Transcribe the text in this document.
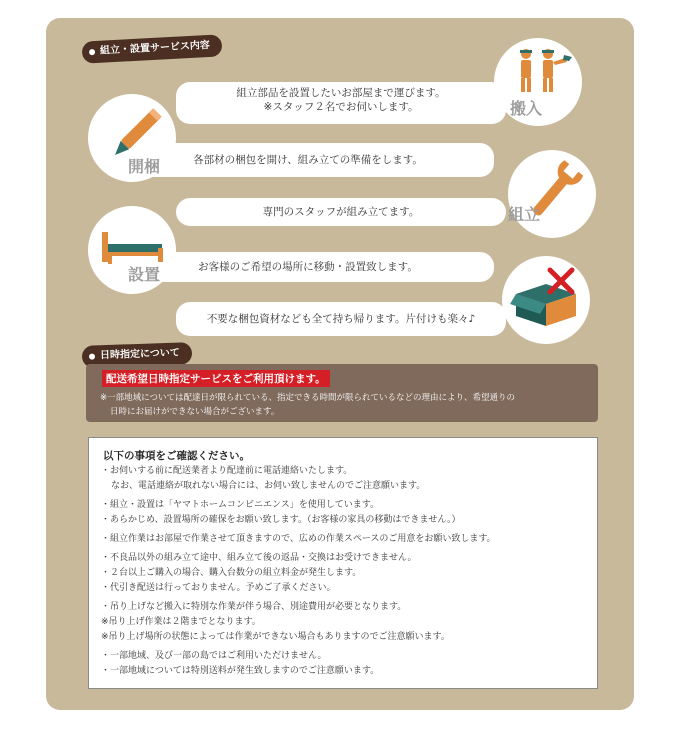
組立・設置サービス内容
組立部品を設置したいお部屋まで運びます。
※スタッフ２名でお伺いします。
各部材の梱包を開け、組み立ての準備をします。
専門のスタッフが組み立てます。
お客様のご希望の場所に移動・設置致します。
不要な梱包資材なども全て持ち帰ります。片付けも楽々♪
搬入
開梱
組立
設置
日時指定について
配送希望日時指定サービスをご利用頂けます。
※一部地域については配達日が限られている、指定できる時間が限られているなどの理由により、希望通りの
日時にお届けができない場合がございます。
以下の事項をご確認ください。
・お伺いする前に配送業者より配達前に電話連絡いたします。
なお、電話連絡が取れない場合には、お伺い致しませんのでご注意願います。
・組立・設置は「ヤマトホームコンビニエンス」を使用しています。
・あらかじめ、設置場所の確保をお願い致します。（お客様の家具の移動はできません。）
・組立作業はお部屋で作業させて頂きますので、広めの作業スペースのご用意をお願い致します。
・不良品以外の組み立て途中、組み立て後の返品・交換はお受けできません。
・２台以上ご購入の場合、購入台数分の組立料金が発生します。
・代引き配送は行っておりません。予めご了承ください。
・吊り上げなど搬入に特別な作業が伴う場合、別途費用が必要となります。
※吊り上げ作業は２階までとなります。
※吊り上げ場所の状態によっては作業ができない場合もありますのでご注意願います。
・一部地域、及び一部の島ではご利用いただけません。
・一部地域については特別送料が発生致しますのでご注意願います。
